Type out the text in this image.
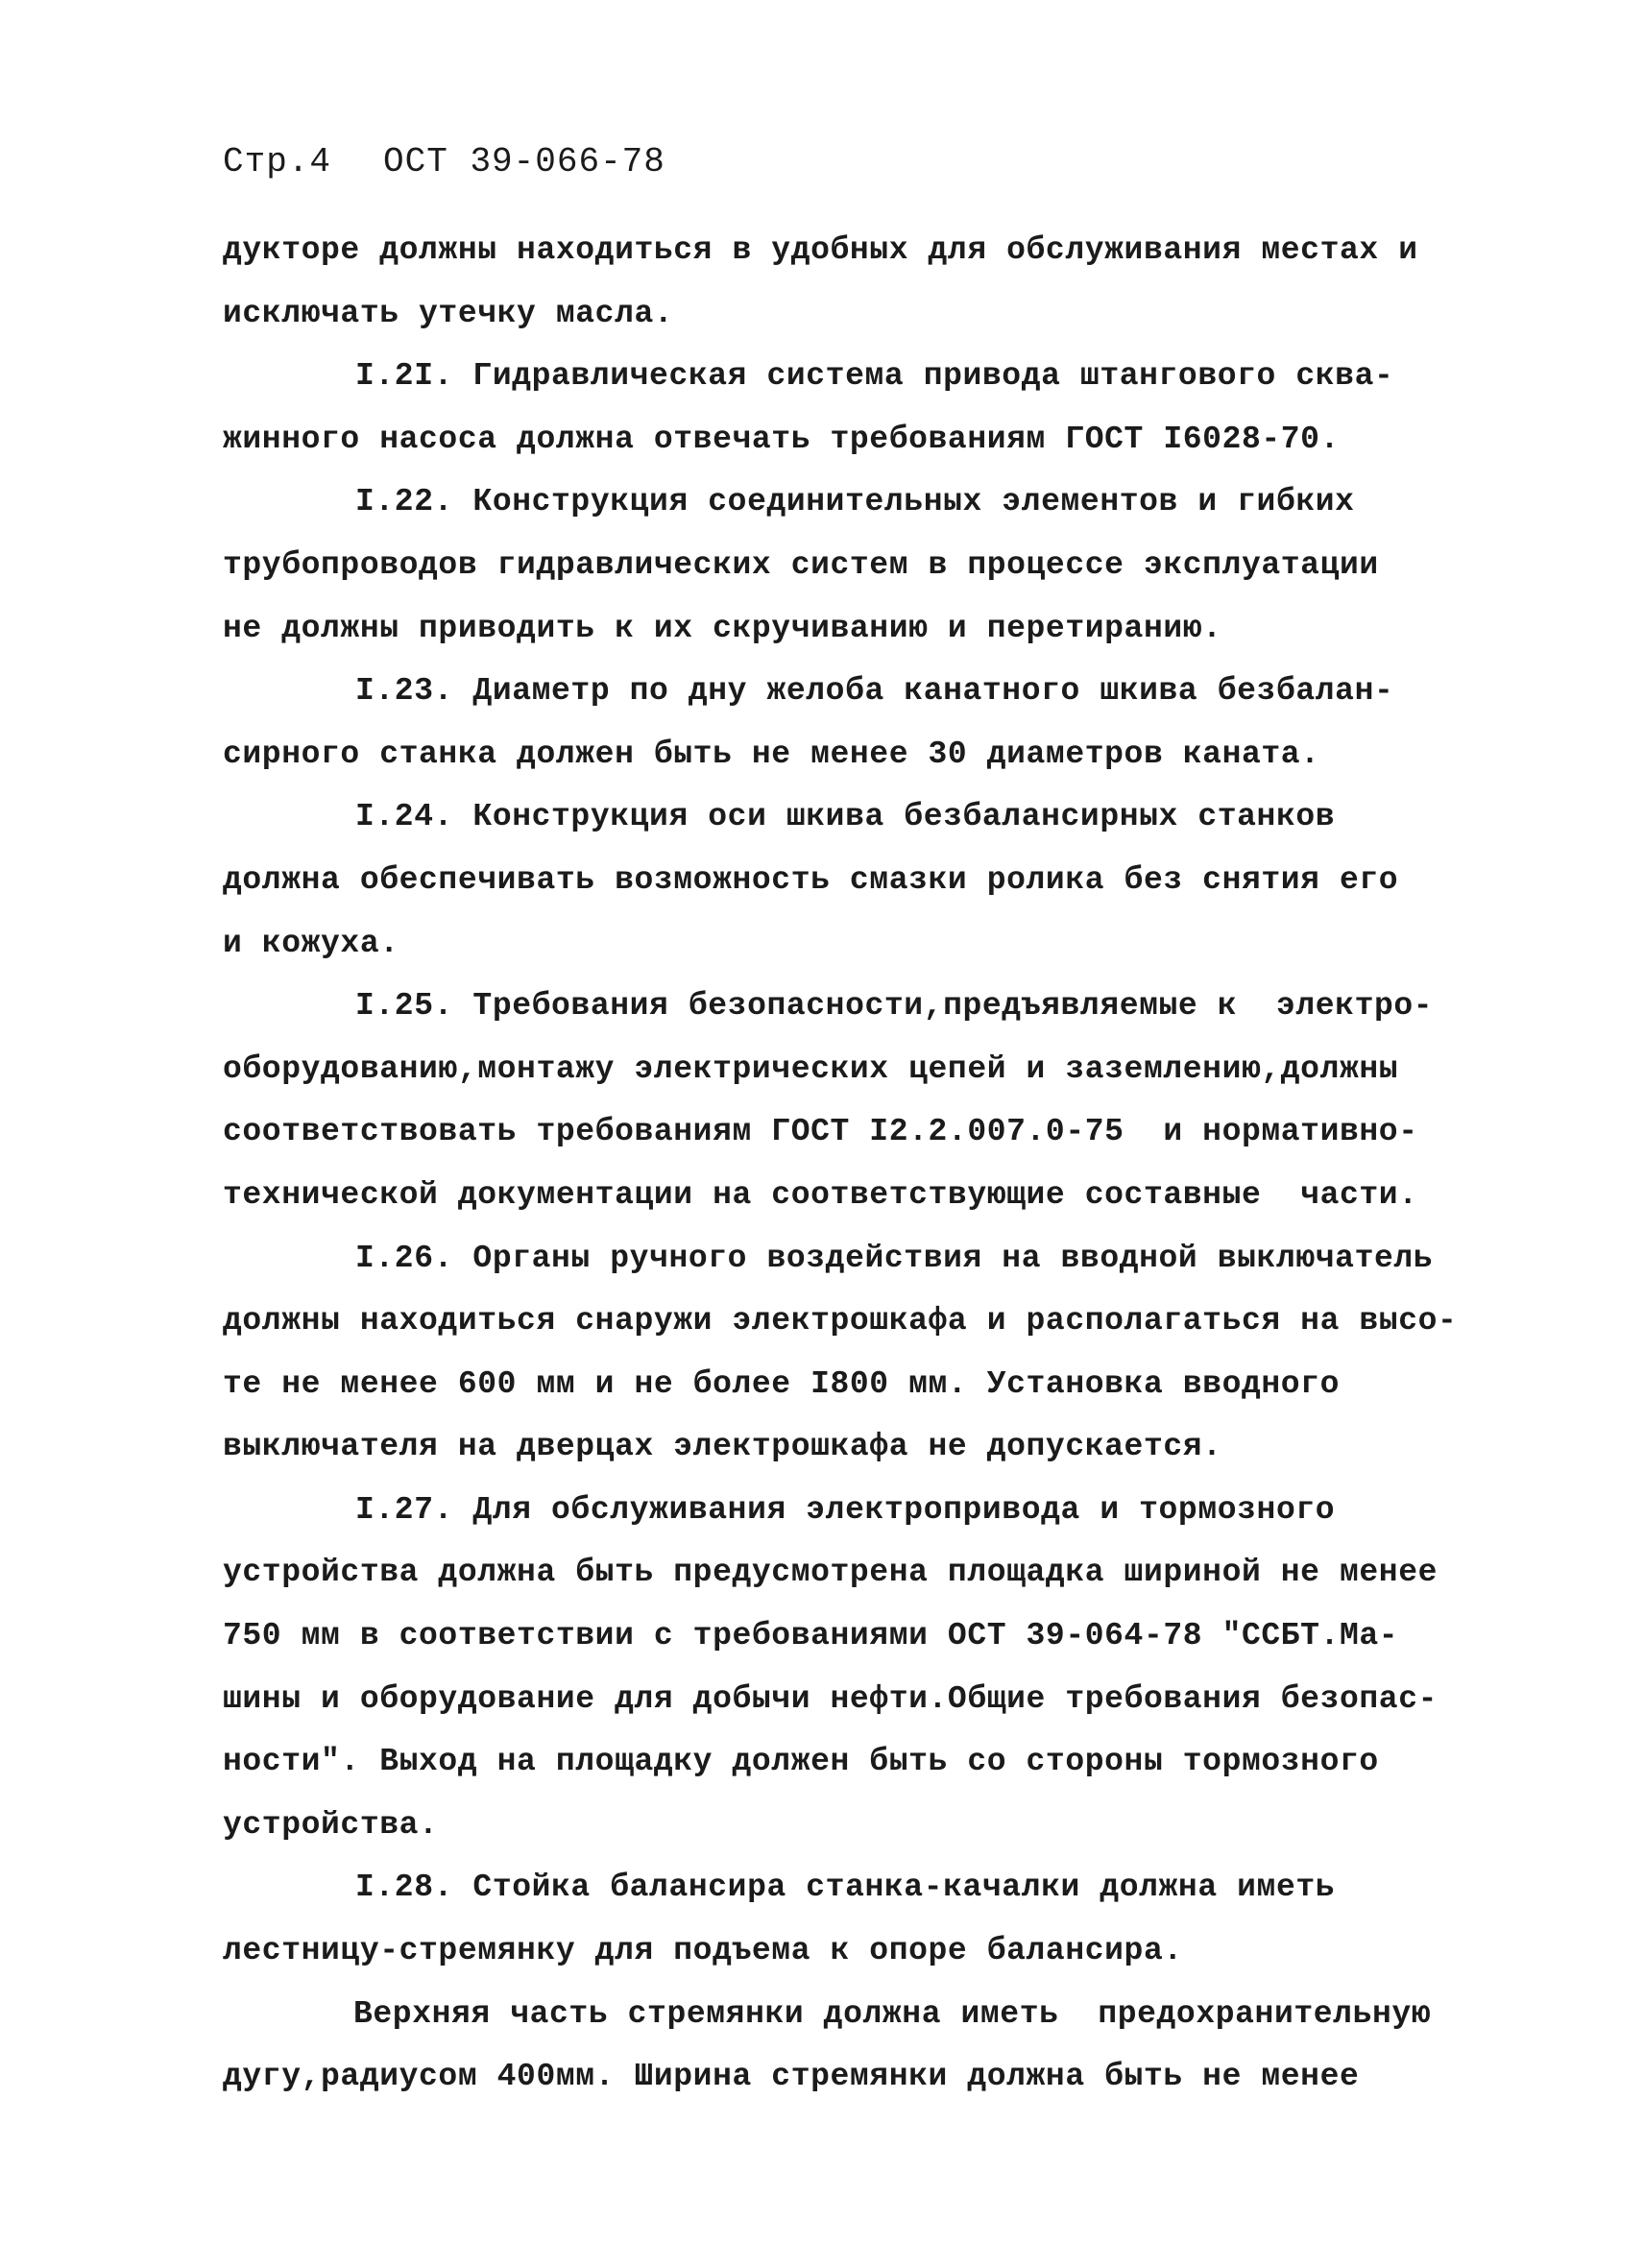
Стр.4 ОСТ 39-066-78
дукторе должны находиться в удобных для обслуживания местах и
исключать утечку масла.
I.2I. Гидравлическая система привода штангового сква-
жинного насоса должна отвечать требованиям ГОСТ I6028-70.
I.22. Конструкция соединительных элементов и гибких
трубопроводов гидравлических систем в процессе эксплуатации
не должны приводить к их скручиванию и перетиранию.
I.23. Диаметр по дну желоба канатного шкива безбалан-
сирного станка должен быть не менее 30 диаметров каната.
I.24. Конструкция оси шкива безбалансирных станков
должна обеспечивать возможность смазки ролика без снятия его
и кожуха.
I.25. Требования безопасности,предъявляемые к  электро-
оборудованию,монтажу электрических цепей и заземлению,должны
соответствовать требованиям ГОСТ I2.2.007.0-75  и нормативно-
технической документации на соответствующие составные  части.
I.26. Органы ручного воздействия на вводной выключатель
должны находиться снаружи электрошкафа и располагаться на высо-
те не менее 600 мм и не более I800 мм. Установка вводного
выключателя на дверцах электрошкафа не допускается.
I.27. Для обслуживания электропривода и тормозного
устройства должна быть предусмотрена площадка шириной не менее
750 мм в соответствии с требованиями ОСТ 39-064-78 "ССБТ.Ма-
шины и оборудование для добычи нефти.Общие требования безопас-
ности". Выход на площадку должен быть со стороны тормозного
устройства.
I.28. Стойка балансира станка-качалки должна иметь
лестницу-стремянку для подъема к опоре балансира.
Верхняя часть стремянки должна иметь  предохранительную
дугу,радиусом 400мм. Ширина стремянки должна быть не менее
